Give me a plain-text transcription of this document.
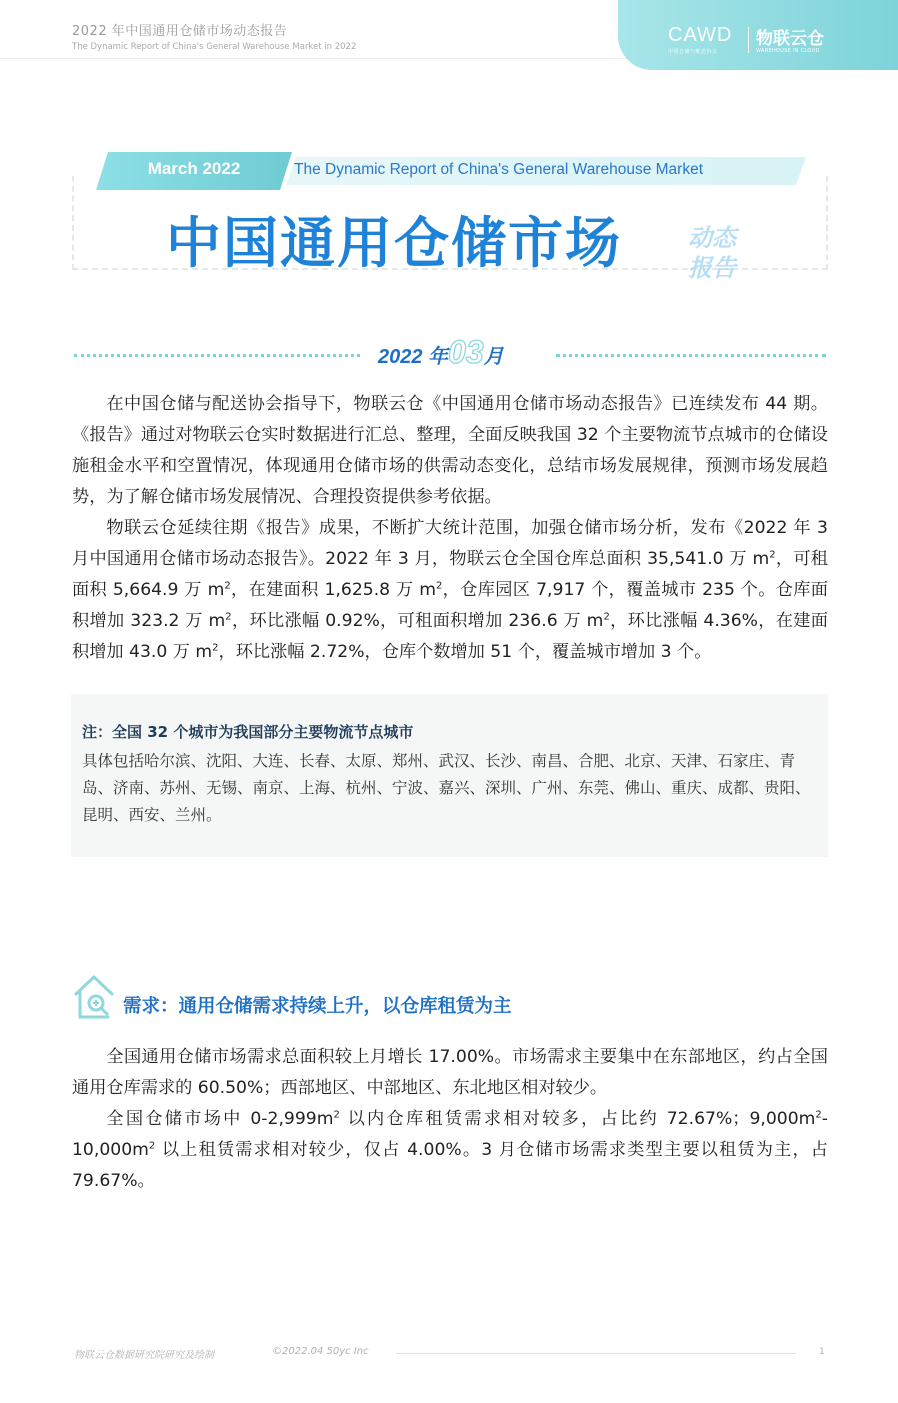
2022 年中国通用仓储市场动态报告
The Dynamic Report of China's General Warehouse Market in 2022
CAWD
中国仓储与配送协会
物联云仓
WAREHOUSE IN CLOUD
March 2022	The Dynamic Report of China's General Warehouse Market
中国通用仓储市场	动态
报告
2022 年03月

在中国仓储与配送协会指导下，物联云仓《中国通用仓储市场动态报告》已连续发布 44 期。《报告》通过对物联云仓实时数据进行汇总、整理，全面反映我国 32 个主要物流节点城市的仓储设施租金水平和空置情况，体现通用仓储市场的供需动态变化，总结市场发展规律，预测市场发展趋势，为了解仓储市场发展情况、合理投资提供参考依据。

物联云仓延续往期《报告》成果，不断扩大统计范围，加强仓储市场分析，发布《2022 年 3 月中国通用仓储市场动态报告》。2022 年 3 月，物联云仓全国仓库总面积 35,541.0 万 $m^2$，可租面积 5,664.9 万 $m^2$，在建面积 1,625.8 万 $m^2$，仓库园区 7,917 个，覆盖城市 235 个。仓库面积增加 323.2 万 $m^2$，环比涨幅 0.92%，可租面积增加 236.6 万 $m^2$，环比涨幅 4.36%，在建面积增加 43.0 万 $m^2$，环比涨幅 2.72%，仓库个数增加 51 个，覆盖城市增加 3 个。

注：全国 32 个城市为我国部分主要物流节点城市

具体包括哈尔滨、沈阳、大连、长春、太原、郑州、武汉、长沙、南昌、合肥、北京、天津、石家庄、青岛、济南、苏州、无锡、南京、上海、杭州、宁波、嘉兴、深圳、广州、东莞、佛山、重庆、成都、贵阳、昆明、西安、兰州。

需求：通用仓储需求持续上升，以仓库租赁为主

全国通用仓储市场需求总面积较上月增长 17.00%。市场需求主要集中在东部地区，约占全国通用仓库需求的 60.50%；西部地区、中部地区、东北地区相对较少。

全国仓储市场中 $0-2,999m^2$ 以内仓库租赁需求相对较多，占比约 72.67%；$9,000m^2-10,000m^2$ 以上租赁需求相对较少，仅占 4.00%。3 月仓储市场需求类型主要以租赁为主，占 79.67%。

物联云仓数据研究院研究及绘制	©2022.04 50yc Inc	1
